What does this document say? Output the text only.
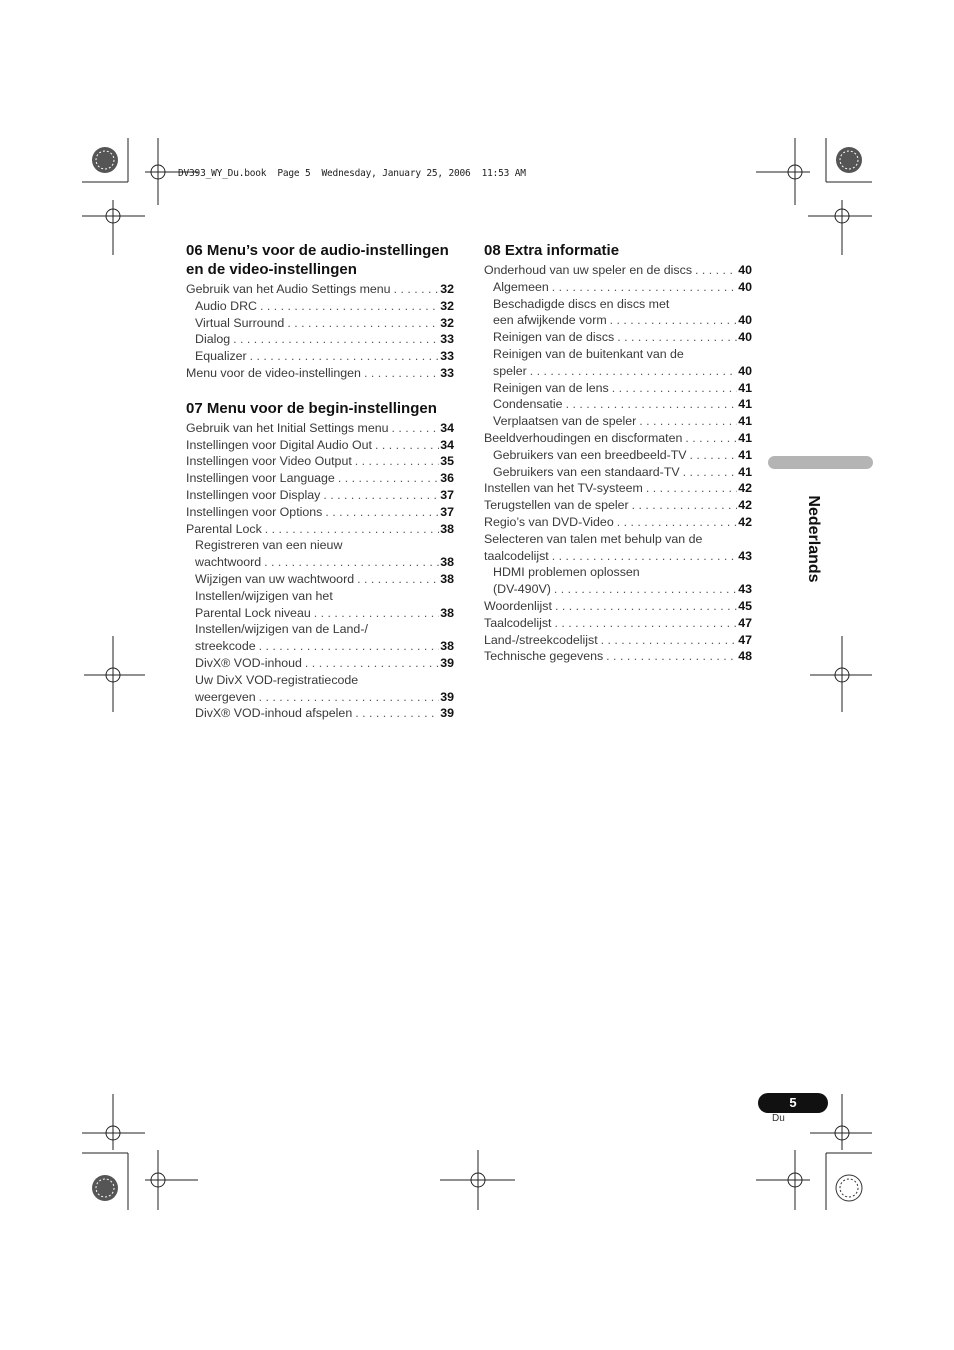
DV393_WY_Du.book  Page 5  Wednesday, January 25, 2006  11:53 AM
06 Menu’s voor de audio-instellingen
en de video-instellingen
Gebruik van het Audio Settings menu . . .	32
Audio DRC . . .	32
Virtual Surround . . .	32
Dialog . . .	33
Equalizer . . .	33
Menu voor de video-instellingen . . .	33
07 Menu voor de begin-instellingen
Gebruik van het Initial Settings menu . . .	34
Instellingen voor Digital Audio Out . . .	34
Instellingen voor Video Output . . .	35
Instellingen voor Language . . .	36
Instellingen voor Display . . .	37
Instellingen voor Options . . .	37
Parental Lock . . .	38
Registreren van een nieuw
wachtwoord . . .	38
Wijzigen van uw wachtwoord . . .	38
Instellen/wijzigen van het
Parental Lock niveau . . .	38
Instellen/wijzigen van de Land-/
streekcode . . .	38
DivX® VOD-inhoud . . .	39
Uw DivX VOD-registratiecode
weergeven . . .	39
DivX® VOD-inhoud afspelen . . .	39
08 Extra informatie
Onderhoud van uw speler en de discs . . .	40
Algemeen . . .	40
Beschadigde discs en discs met
een afwijkende vorm . . .	40
Reinigen van de discs . . .	40
Reinigen van de buitenkant van de
speler . . .	40
Reinigen van de lens . . .	41
Condensatie . . .	41
Verplaatsen van de speler . . .	41
Beeldverhoudingen en discformaten . . .	41
Gebruikers van een breedbeeld-TV . . .	41
Gebruikers van een standaard-TV . . .	41
Instellen van het TV-systeem . . .	42
Terugstellen van de speler . . .	42
Regio’s van DVD-Video . . .	42
Selecteren van talen met behulp van de
taalcodelijst . . .	43
HDMI problemen oplossen
(DV-490V) . . .	43
Woordenlijst . . .	45
Taalcodelijst . . .	47
Land-/streekcodelijst . . .	47
Technische gegevens . . .	48
Nederlands
5
Du
